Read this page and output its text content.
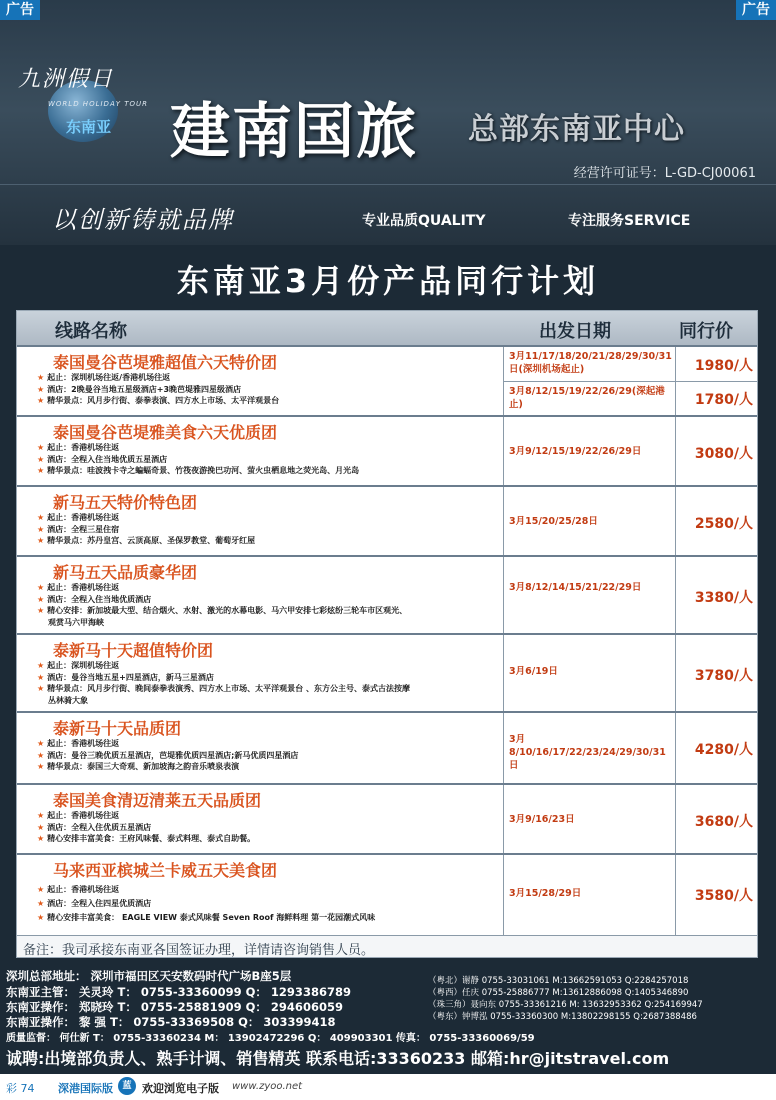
九洲假日
WORLD HOLIDAY TOUR
东南亚 建南国旅 总部东南亚中心
经营许可证号：L-GD-CJ00061
以创新铸就品牌	专业品质QUALITY	专注服务SERVICE
广告	广告
东南亚3月份产品同行计划
线路名称	出发日期	同行价
泰国曼谷芭堤雅超值六天特价团
★ 起止：深圳机场往返/香港机场往返
★ 酒店：2晚曼谷当地五星级酒店+3晚芭堤雅四星级酒店
★ 精华景点：风月步行街、泰拳表演、四方水上市场、太平洋观景台
3月11/17/18/20/21/28/29/30/31日(深圳机场起止)	1980/人
3月8/12/15/19/22/26/29(深起港止)	1780/人
泰国曼谷芭堤雅美食六天优质团
★ 起止：香港机场往返
★ 酒店：全程入住当地优质五星酒店
★ 精华景点：哇波拽卡寺之蝙蝠奇景、竹筏夜游挽巴功河、萤火虫栖息地之荧光岛、月光岛
3月9/12/15/19/22/26/29日	3080/人
新马五天特价特色团
★ 起止：香港机场往返
★ 酒店：全程三星住宿
★ 精华景点：苏丹皇宫、云顶高原、圣保罗教堂、葡萄牙红屋
3月15/20/25/28日	2580/人
新马五天品质豪华团
★ 起止：香港机场往返
★ 酒店：全程入住当地优质酒店
★ 精心安排：新加坡最大型、结合烟火、水射、激光的水幕电影、马六甲安排七彩炫纷三轮车市区观光、
观赏马六甲海峡
3月8/12/14/15/21/22/29日
3380/人
泰新马十天超值特价团
★ 起止：深圳机场往返
★ 酒店：曼谷当地五星+四星酒店，新马三星酒店
★ 精华景点：风月步行街、晚间泰拳表演秀、四方水上市场、太平洋观景台 、东方公主号、泰式古法按摩
丛林骑大象
3月6/19日	3780/人
泰新马十天品质团
★ 起止：香港机场往返
★ 酒店：曼谷三晚优质五星酒店，芭堤雅优质四星酒店;新马优质四星酒店
★ 精华景点：泰国三大奇观、新加坡海之韵音乐喷泉表演
3月8/10/16/17/22/23/24/29/30/31日
4280/人
泰国美食清迈清莱五天品质团
★ 起止：香港机场往返
★ 酒店：全程入住优质五星酒店
★ 精心安排丰富美食：王府风味餐、泰式料理、泰式自助餐。
3月9/16/23日	3680/人
马来西亚槟城兰卡威五天美食团
★ 起止：香港机场往返
★ 酒店：全程入住四星优质酒店
★ 精心安排丰富美食： EAGLE VIEW 泰式风味餐 Seven Roof 海鲜料理 第一花园潮式风味
3月15/28/29日	3580/人
备注：我司承接东南亚各国签证办理，详情请咨询销售人员。
深圳总部地址： 深圳市福田区天安数码时代广场B座5层
东南亚主管： 关灵玲 T： 0755-33360099 Q： 1293386789
东南亚操作： 郑晓玲 T： 0755-25881909 Q： 294606059
东南亚操作： 黎 强 T： 0755-33369508 Q： 303399418
质量监督： 何仕新 T： 0755-33360234 M： 13902472296 Q： 409903301 传真： 0755-33360069/59
（粤北）谢静 0755-33031061 M:13662591053 Q:2284257018
（粤西）任庆 0755-25886777 M:13612886098 Q:1405346890
（珠三角）聂向东 0755-33361216 M: 13632953362 Q:254169947
（粤东）钟博泓 0755-33360300 M:13802298155 Q:2687388486
诚聘:出境部负责人、熟手计调、销售精英 联系电话:33360233 邮箱:hr@jitstravel.com
彩 74 深港国际版	蓝 欢迎浏览电子版 www.zyoo.net
